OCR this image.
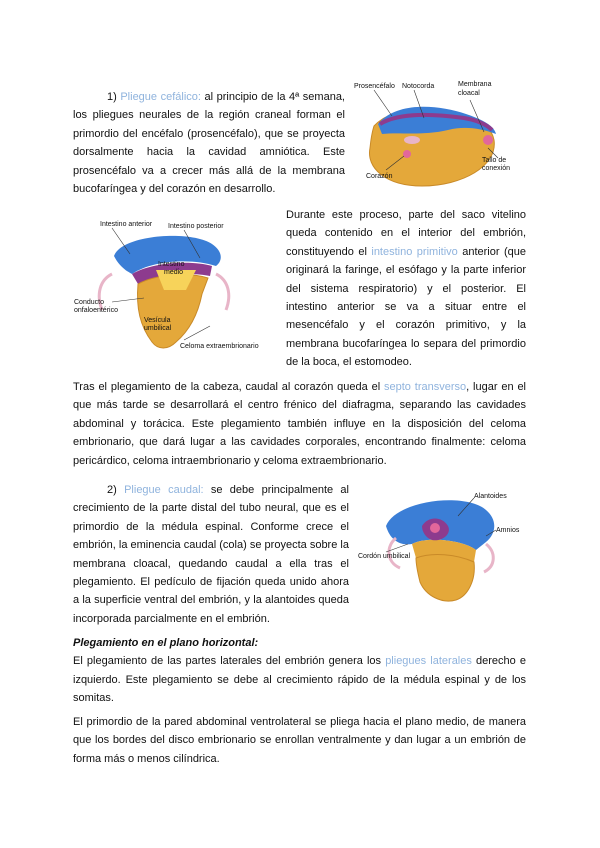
1) Pliegue cefálico: al principio de la 4ª semana, los pliegues neurales de la región craneal forman el primordio del encéfalo (prosencéfalo), que se proyecta dorsalmente hacia la cavidad amniótica. Este prosencéfalo va a crecer más allá de la membrana bucofaríngea y del corazón en desarrollo.
Prosencéfalo Notocorda	Membrana
cloacal
Corazón
Tallo de
conexión
Intestino anterior Intestino posterior
Intestino
medio
Conducto
onfaloentérico
Vesícula
umbilical
Celoma extraembrionario
Durante este proceso, parte del saco vitelino queda contenido en el interior del embrión, constituyendo el intestino primitivo anterior (que originará la faringe, el esófago y la parte inferior del sistema respiratorio) y el posterior. El intestino anterior se va a situar entre el mesencéfalo y el corazón primitivo, y la membrana bucofaríngea lo separa del primordio de la boca, el estomodeo.
Tras el plegamiento de la cabeza, caudal al corazón queda el septo transverso, lugar en el que más tarde se desarrollará el centro frénico del diafragma, separando las cavidades abdominal y torácica. Este plegamiento también influye en la disposición del celoma embrionario, que dará lugar a las cavidades corporales, encontrando finalmente: celoma pericárdico, celoma intraembrionario y celoma extraembrionario.
2) Pliegue caudal: se debe principalmente al crecimiento de la parte distal del tubo neural, que es el primordio de la médula espinal. Conforme crece el embrión, la eminencia caudal (cola) se proyecta sobre la membrana cloacal, quedando caudal a ella tras el plegamiento. El pedículo de fijación queda unido ahora a la superficie ventral del embrión, y la alantoides queda incorporada parcialmente en el embrión.
Alantoides
Amnios
Cordón umbilical
Plegamiento en el plano horizontal:
El plegamiento de las partes laterales del embrión genera los pliegues laterales derecho e izquierdo. Este plegamiento se debe al crecimiento rápido de la médula espinal y de los somitas.
El primordio de la pared abdominal ventrolateral se pliega hacia el plano medio, de manera que los bordes del disco embrionario se enrollan ventralmente y dan lugar a un embrión de forma más o menos cilíndrica.
